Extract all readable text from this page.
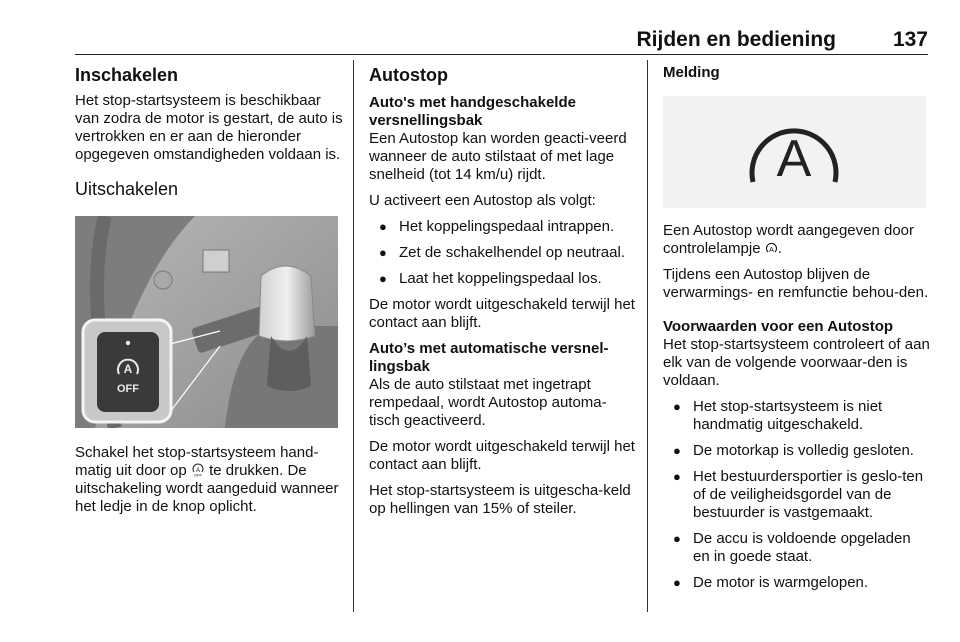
Rijden en bediening	137
Inschakelen

Het stop-startsysteem is beschikbaar van zodra de motor is gestart, de auto is vertrokken en er aan de hieronder opgegeven omstandigheden voldaan is.

Uitschakelen
A
OFF

Schakel het stop-startsysteem hand-matig uit door op A
OFF te drukken. De uitschakeling wordt aangeduid wanneer het ledje in de knop oplicht.

Autostop
Auto's met handgeschakelde versnellingsbak

Een Autostop kan worden geacti-veerd wanneer de auto stilstaat of met lage snelheid (tot 14 km/u) rijdt.

U activeert een Autostop als volgt:

● Het koppelingspedaal intrappen.
● Zet de schakelhendel op neutraal.
● Laat het koppelingspedaal los.

De motor wordt uitgeschakeld terwijl het contact aan blijft.

Auto’s met automatische versnel-lingsbak

Als de auto stilstaat met ingetrapt rempedaal, wordt Autostop automa-tisch geactiveerd.

De motor wordt uitgeschakeld terwijl het contact aan blijft.

Het stop-startsysteem is uitgescha-keld op hellingen van 15% of steiler.

Melding
A

Een Autostop wordt aangegeven door controlelampje A .

Tijdens een Autostop blijven de verwarmings- en remfunctie behou-den.

Voorwaarden voor een Autostop

Het stop-startsysteem controleert of aan elk van de volgende voorwaar-den is voldaan.

● Het stop-startsysteem is niet handmatig uitgeschakeld.
● De motorkap is volledig gesloten.
● Het bestuurdersportier is geslo-ten of de veiligheidsgordel van de bestuurder is vastgemaakt.
● De accu is voldoende opgeladen en in goede staat.
● De motor is warmgelopen.
